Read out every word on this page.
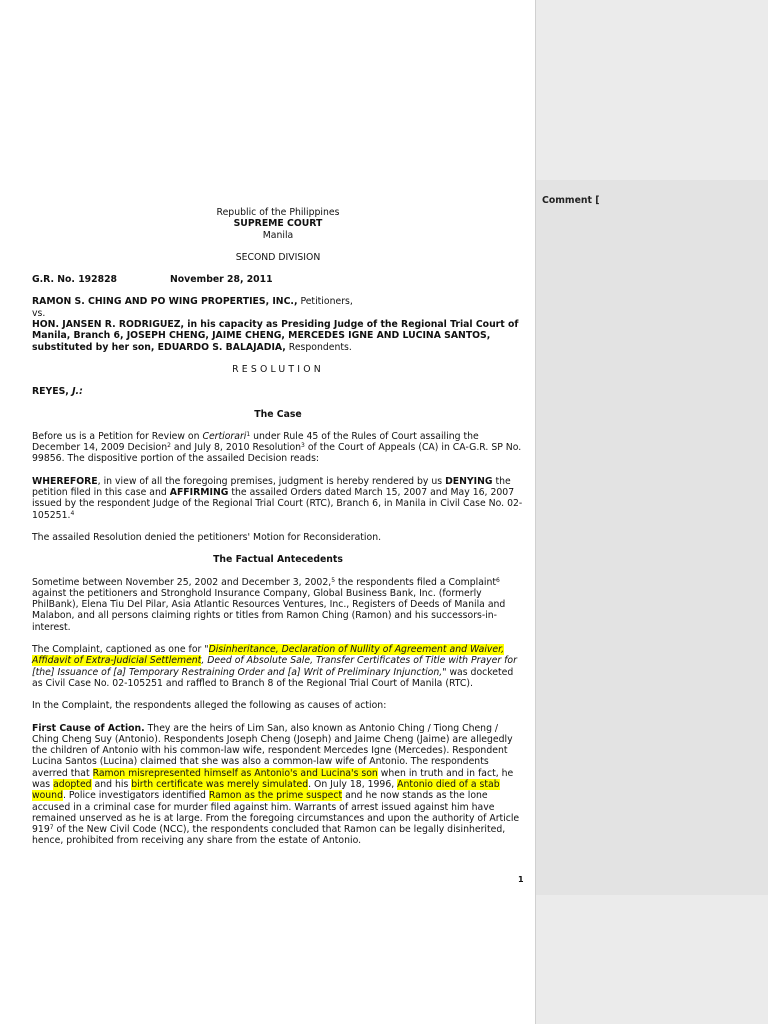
Comment [

Republic of the Philippines

SUPREME COURT

Manila

SECOND DIVISION

G.R. No. 192828	November 28, 2011

RAMON S. CHING AND PO WING PROPERTIES, INC., Petitioners,

vs.

HON. JANSEN R. RODRIGUEZ, in his capacity as Presiding Judge of the Regional Trial Court of Manila, Branch 6, JOSEPH CHENG, JAIME CHENG, MERCEDES IGNE AND LUCINA SANTOS, substituted by her son, EDUARDO S. BALAJADIA, Respondents.

RESOLUTION

REYES, J.:

The Case

Before us is a Petition for Review on Certiorari$^1$ under Rule 45 of the Rules of Court assailing the December 14, 2009 Decision$^2$ and July 8, 2010 Resolution$^3$ of the Court of Appeals (CA) in CA-G.R. SP No. 99856. The dispositive portion of the assailed Decision reads:

WHEREFORE, in view of all the foregoing premises, judgment is hereby rendered by us DENYING the petition filed in this case and AFFIRMING the assailed Orders dated March 15, 2007 and May 16, 2007 issued by the respondent Judge of the Regional Trial Court (RTC), Branch 6, in Manila in Civil Case No. 02-105251.$^4$

The assailed Resolution denied the petitioners' Motion for Reconsideration.

The Factual Antecedents

Sometime between November 25, 2002 and December 3, 2002,$^5$ the respondents filed a Complaint$^6$ against the petitioners and Stronghold Insurance Company, Global Business Bank, Inc. (formerly PhilBank), Elena Tiu Del Pilar, Asia Atlantic Resources Ventures, Inc., Registers of Deeds of Manila and Malabon, and all persons claiming rights or titles from Ramon Ching (Ramon) and his successors-in-interest.

The Complaint, captioned as one for "Disinheritance, Declaration of Nullity of Agreement and Waiver, Affidavit of Extra-Judicial Settlement, Deed of Absolute Sale, Transfer Certificates of Title with Prayer for [the] Issuance of [a] Temporary Restraining Order and [a] Writ of Preliminary Injunction," was docketed as Civil Case No. 02-105251 and raffled to Branch 8 of the Regional Trial Court of Manila (RTC).

In the Complaint, the respondents alleged the following as causes of action:

First Cause of Action. They are the heirs of Lim San, also known as Antonio Ching / Tiong Cheng / Ching Cheng Suy (Antonio). Respondents Joseph Cheng (Joseph) and Jaime Cheng (Jaime) are allegedly the children of Antonio with his common-law wife, respondent Mercedes Igne (Mercedes). Respondent Lucina Santos (Lucina) claimed that she was also a common-law wife of Antonio. The respondents averred that Ramon misrepresented himself as Antonio's and Lucina's son when in truth and in fact, he was adopted and his birth certificate was merely simulated. On July 18, 1996, Antonio died of a stab wound. Police investigators identified Ramon as the prime suspect and he now stands as the lone accused in a criminal case for murder filed against him. Warrants of arrest issued against him have remained unserved as he is at large. From the foregoing circumstances and upon the authority of Article $919^7$ of the New Civil Code (NCC), the respondents concluded that Ramon can be legally disinherited, hence, prohibited from receiving any share from the estate of Antonio.

1
